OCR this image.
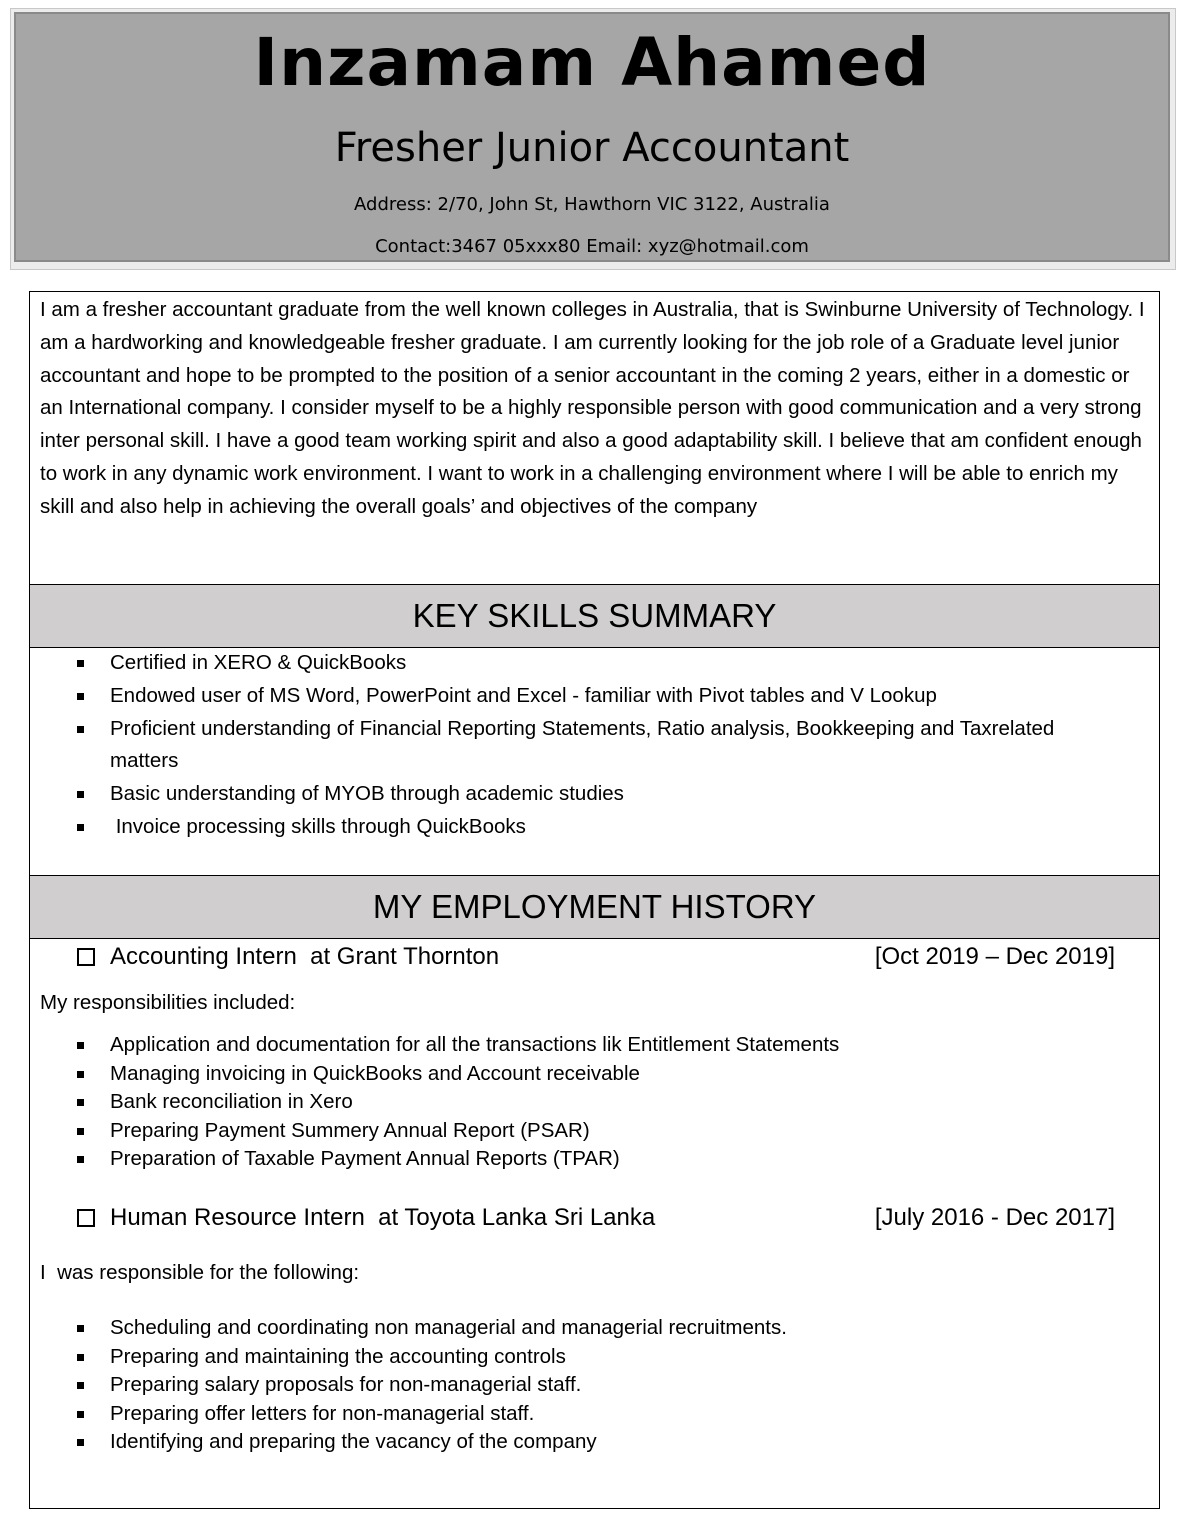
Inzamam Ahamed
Fresher Junior Accountant
Address: 2/70, John St, Hawthorn VIC 3122, Australia
Contact:3467 05xxx80 Email: xyz@hotmail.com

I am a fresher accountant graduate from the well known colleges in Australia, that is Swinburne University of Technology. I am a hardworking and knowledgeable fresher graduate. I am currently looking for the job role of a Graduate level junior accountant and hope to be prompted to the position of a senior accountant in the coming 2 years, either in a domestic or an International company. I consider myself to be a highly responsible person with good communication and a very strong inter personal skill. I have a good team working spirit and also a good adaptability skill. I believe that am confident enough to work in any dynamic work environment. I want to work in a challenging environment where I will be able to enrich my skill and also help in achieving the overall goals’ and objectives of the company

KEY SKILLS SUMMARY
Certified in XERO & QuickBooks
Endowed user of MS Word, PowerPoint and Excel - familiar with Pivot tables and V Lookup
Proficient understanding of Financial Reporting Statements, Ratio analysis, Bookkeeping and Taxrelated matters
Basic understanding of MYOB through academic studies
Invoice processing skills through QuickBooks
MY EMPLOYMENT HISTORY
Accounting Intern  at Grant Thornton	[Oct 2019 – Dec 2019]
My responsibilities included:
Application and documentation for all the transactions lik Entitlement Statements
Managing invoicing in QuickBooks and Account receivable
Bank reconciliation in Xero
Preparing Payment Summery Annual Report (PSAR)
Preparation of Taxable Payment Annual Reports (TPAR)
Human Resource Intern  at Toyota Lanka Sri Lanka	[July 2016 - Dec 2017]
I  was responsible for the following:
Scheduling and coordinating non managerial and managerial recruitments.
Preparing and maintaining the accounting controls
Preparing salary proposals for non-managerial staff.
Preparing offer letters for non-managerial staff.
Identifying and preparing the vacancy of the company
